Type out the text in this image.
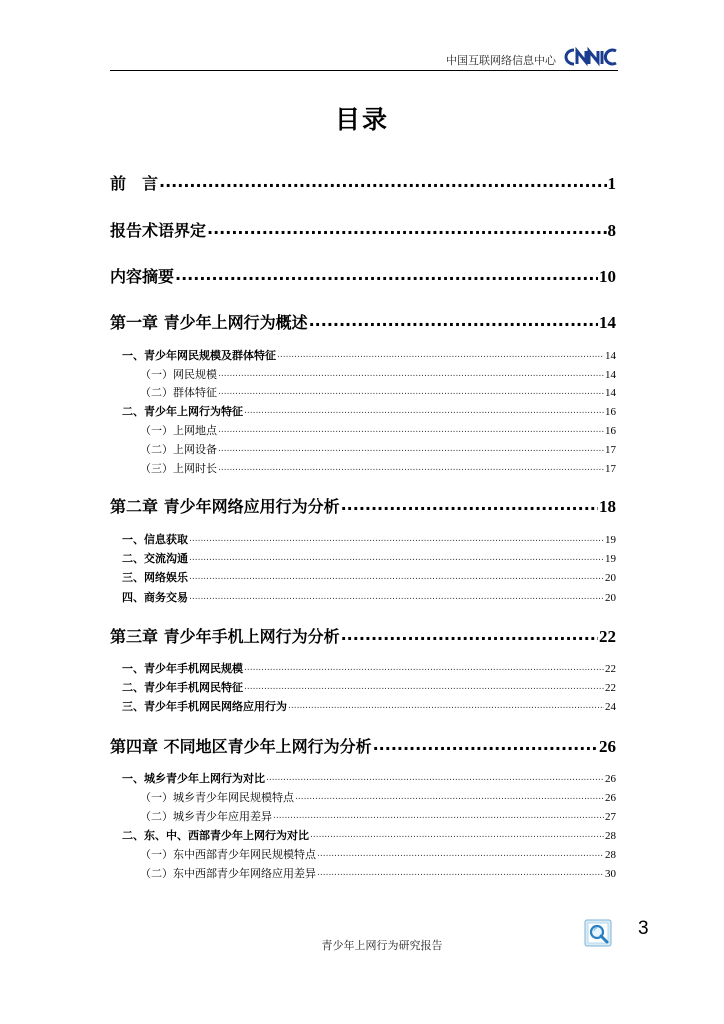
中国互联网络信息中心
目录
前　言 .....	1
报告术语界定 .....	8
内容摘要 .....	10
第一章 青少年上网行为概述 .....	14
一、青少年网民规模及群体特征 .....	14
（一）网民规模 .....	14
（二）群体特征 .....	14
二、青少年上网行为特征 .....	16
（一）上网地点 .....	16
（二）上网设备 .....	17
（三）上网时长 .....	17
第二章 青少年网络应用行为分析 .....	18
一、信息获取 .....	19
二、交流沟通 .....	19
三、网络娱乐 .....	20
四、商务交易 .....	20
第三章 青少年手机上网行为分析 .....	22
一、青少年手机网民规模 .....	22
二、青少年手机网民特征 .....	22
三、青少年手机网民网络应用行为 .....	24
第四章 不同地区青少年上网行为分析 .....	26
一、城乡青少年上网行为对比 .....	26
（一）城乡青少年网民规模特点 .....	26
（二）城乡青少年应用差异 .....	27
二、东、中、西部青少年上网行为对比 .....	28
（一）东中西部青少年网民规模特点 .....	28
（二）东中西部青少年网络应用差异 .....	30
青少年上网行为研究报告
3
